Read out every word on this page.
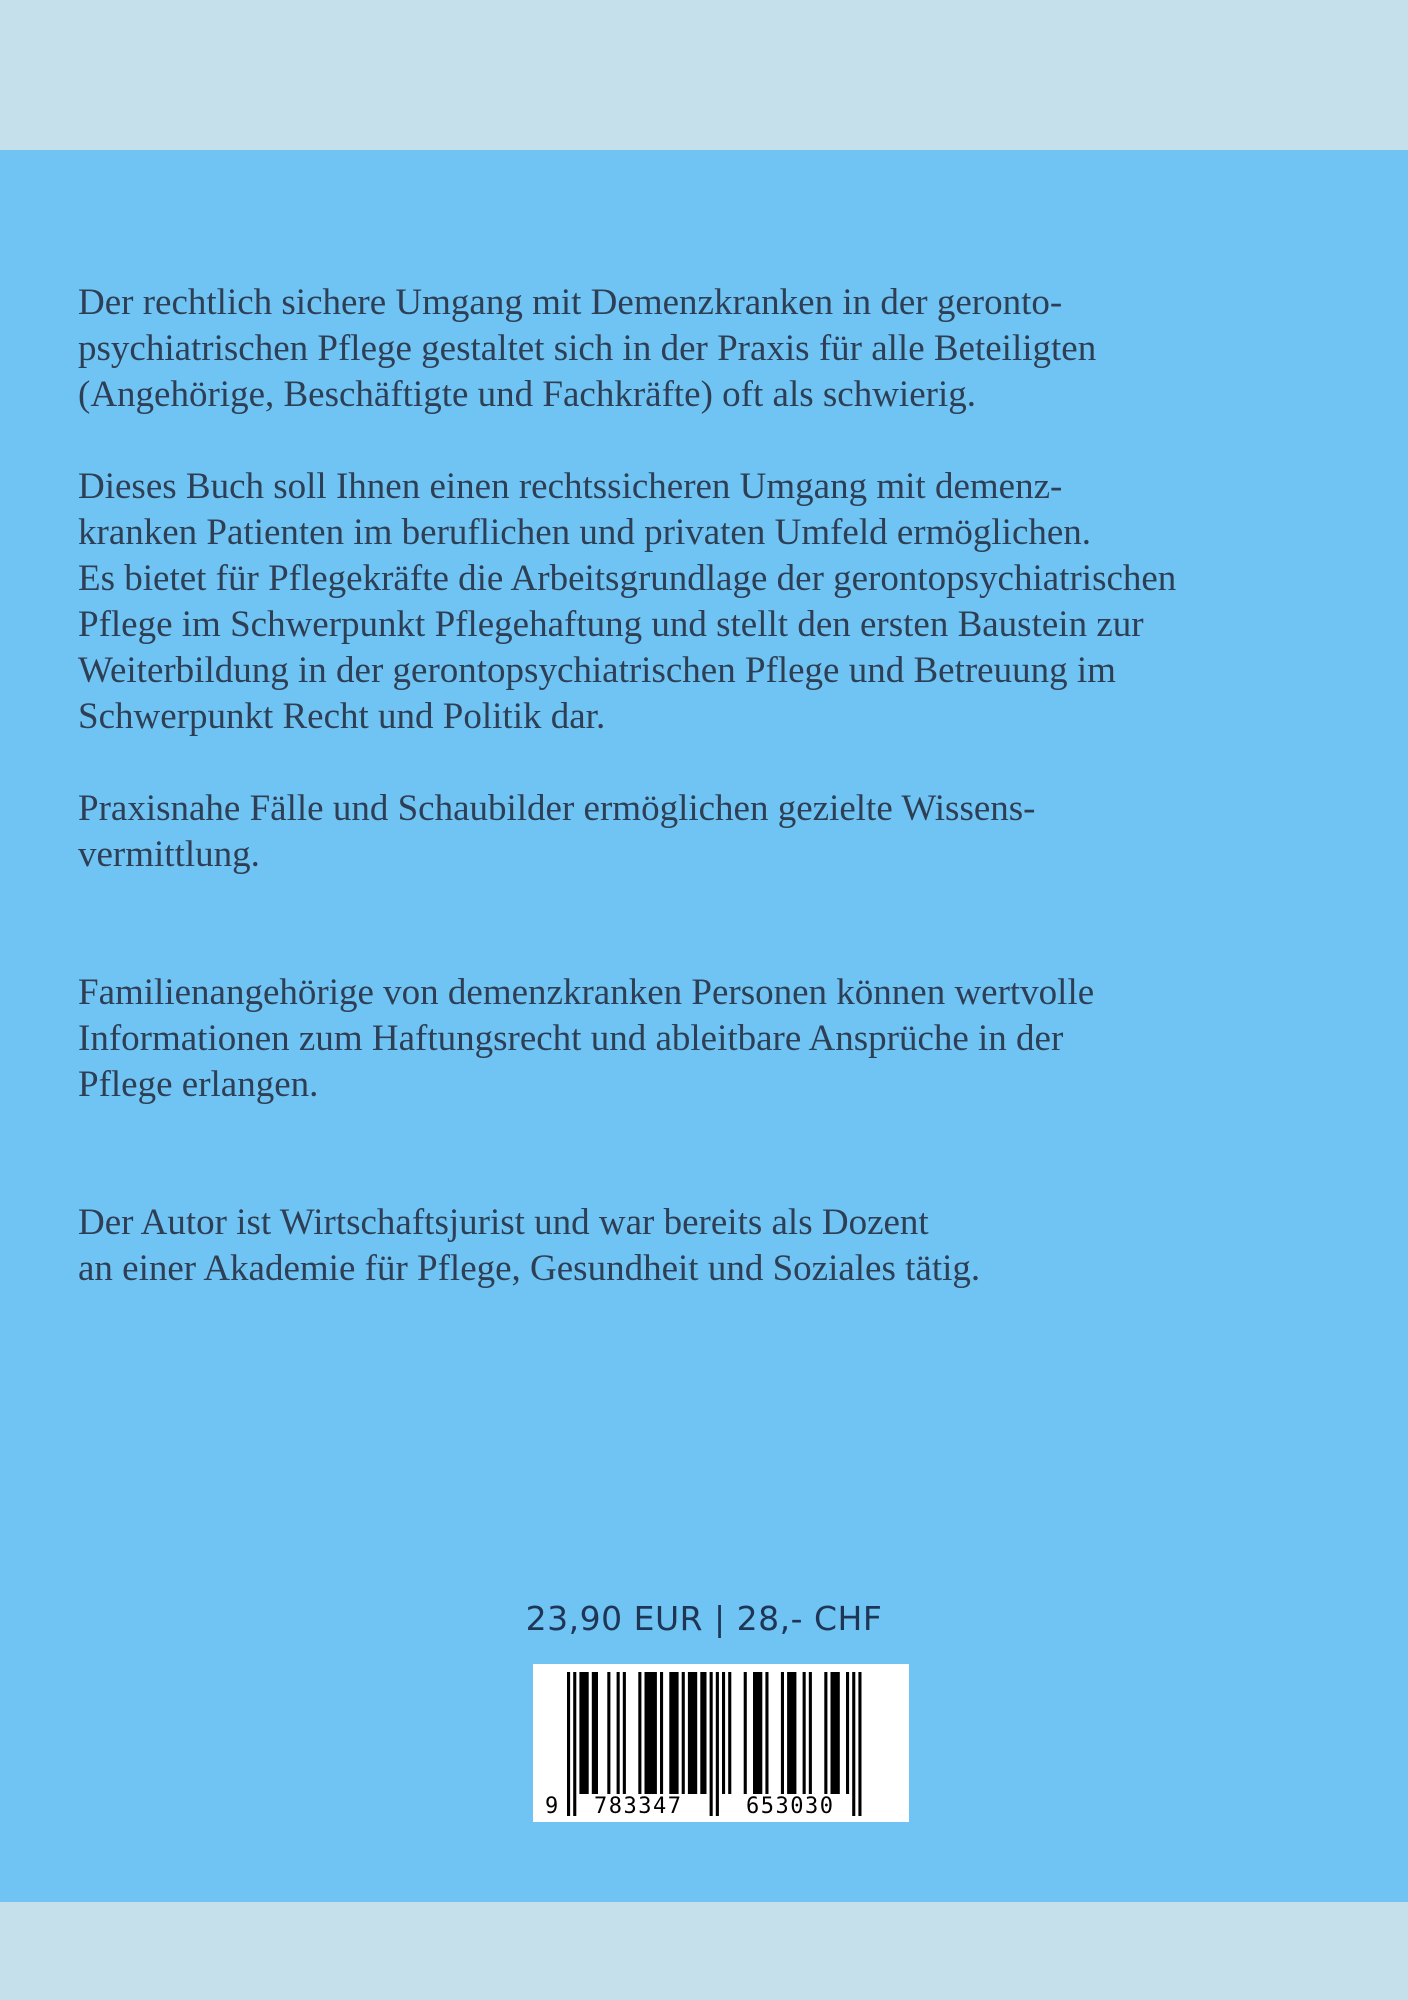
Der rechtlich sichere Umgang mit Demenzkranken in der geronto-
psychiatrischen Pflege gestaltet sich in der Praxis für alle Beteiligten
(Angehörige, Beschäftigte und Fachkräfte) oft als schwierig.

Dieses Buch soll Ihnen einen rechtssicheren Umgang mit demenz-
kranken Patienten im beruflichen und privaten Umfeld ermöglichen.
Es bietet für Pflegekräfte die Arbeitsgrundlage der gerontopsychiatrischen
Pflege im Schwerpunkt Pflegehaftung und stellt den ersten Baustein zur
Weiterbildung in der gerontopsychiatrischen Pflege und Betreuung im
Schwerpunkt Recht und Politik dar.

Praxisnahe Fälle und Schaubilder ermöglichen gezielte Wissens-
vermittlung.

Familienangehörige von demenzkranken Personen können wertvolle
Informationen zum Haftungsrecht und ableitbare Ansprüche in der
Pflege erlangen.

Der Autor ist Wirtschaftsjurist und war bereits als Dozent
an einer Akademie für Pflege, Gesundheit und Soziales tätig.

23,90 EUR | 28,- CHF
9 783347	653030
